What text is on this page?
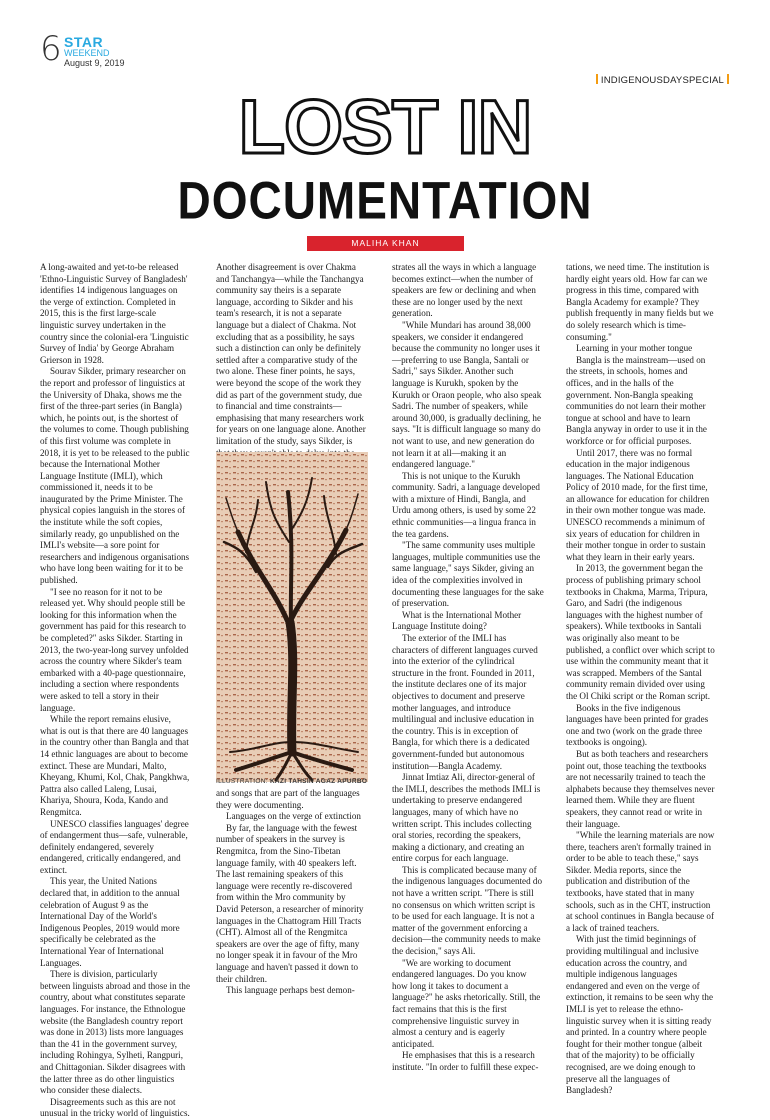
6 STAR
WEEKEND
August 9, 2019
INDIGENOUSDAYSPECIAL
LOST IN
DOCUMENTATION
MALIHA KHAN

A long-awaited and yet-to-be released 'Ethno-Linguistic Survey of Bangladesh' identifies 14 indigenous languages on the verge of extinction. Completed in 2015, this is the first large-scale linguistic survey undertaken in the country since the colonial-era 'Linguistic Survey of India' by George Abraham Grierson in 1928.

Sourav Sikder, primary researcher on the report and professor of linguistics at the University of Dhaka, shows me the first of the three-part series (in Bangla) which, he points out, is the shortest of the volumes to come. Though publishing of this first volume was complete in 2018, it is yet to be released to the public because the International Mother Language Institute (IMLI), which commissioned it, needs it to be inaugurated by the Prime Minister. The physical copies languish in the stores of the institute while the soft copies, similarly ready, go unpublished on the IMLI's website—a sore point for researchers and indigenous organisations who have long been waiting for it to be published.

"I see no reason for it not to be released yet. Why should people still be looking for this information when the government has paid for this research to be completed?" asks Sikder. Starting in 2013, the two-year-long survey unfolded across the country where Sikder's team embarked with a 40-page questionnaire, including a section where respondents were asked to tell a story in their language.

While the report remains elusive, what is out is that there are 40 languages in the country other than Bangla and that 14 ethnic languages are about to become extinct. These are Mundari, Malto, Kheyang, Khumi, Kol, Chak, Pangkhwa, Pattra also called Laleng, Lusai, Khariya, Shoura, Koda, Kando and Rengmitca.

UNESCO classifies languages' degree of endangerment thus—safe, vulnerable, definitely endangered, severely endangered, critically endangered, and extinct.

This year, the United Nations declared that, in addition to the annual celebration of August 9 as the International Day of the World's Indigenous Peoples, 2019 would more specifically be celebrated as the International Year of International Languages.

There is division, particularly between linguists abroad and those in the country, about what constitutes separate languages. For instance, the Ethnologue website (the Bangladesh country report was done in 2013) lists more languages than the 41 in the government survey, including Rohingya, Sylheti, Rangpuri, and Chittagonian. Sikder disagrees with the latter three as do other linguistics who consider these dialects.

Disagreements such as this are not unusual in the tricky world of linguistics.

Another disagreement is over Chakma and Tanchangya—while the Tanchangya community say theirs is a separate language, according to Sikder and his team's research, it is not a separate language but a dialect of Chakma. Not excluding that as a possibility, he says such a distinction can only be definitely settled after a comparative study of the two alone. These finer points, he says, were beyond the scope of the work they did as part of the government study, due to financial and time constraints—emphasising that many researchers work for years on one language alone. Another limitation of the study, says Sikder, is

and songs that are part of the languages they were documenting.

Languages on the verge of extinction

By far, the language with the fewest number of speakers in the survey is Rengmitca, from the Sino-Tibetan language family, with 40 speakers left. The last remaining speakers of this language were recently re-discovered from within the Mro community by David Peterson, a researcher of minority languages in the Chattogram Hill Tracts (CHT). Almost all of the Rengmitca speakers are over the age of fifty, many no longer speak it in favour of the Mro language and haven't passed it down to their children.

This language perhaps best demon-

ILLUSTRATION: KAZI TAHSIN AGAZ APURBO

strates all the ways in which a language becomes extinct—when the number of speakers are few or declining and when these are no longer used by the next generation.

"While Mundari has around 38,000 speakers, we consider it endangered because the community no longer uses it—preferring to use Bangla, Santali or Sadri," says Sikder. Another such language is Kurukh, spoken by the Kurukh or Oraon people, who also speak Sadri. The number of speakers, while around 30,000, is gradually declining, he says. "It is difficult language so many do not want to use, and new generation do not learn it at all—making it an endangered language."

This is not unique to the Kurukh community. Sadri, a language developed with a mixture of Hindi, Bangla, and Urdu among others, is used by some 22 ethnic communities—a lingua franca in the tea gardens.

"The same community uses multiple languages, multiple communities use the same language," says Sikder, giving an idea of the complexities involved in documenting these languages for the sake of preservation.

What is the International Mother Language Institute doing?

The exterior of the IMLI has characters of different languages curved into the exterior of the cylindrical structure in the front. Founded in 2011, the institute declares one of its major objectives to document and preserve mother languages, and introduce multilingual and inclusive education in the country. This is in exception of Bangla, for which there is a dedicated government-funded but autonomous institution—Bangla Academy.

Jinnat Imtiaz Ali, director-general of the IMLI, describes the methods IMLI is undertaking to preserve endangered languages, many of which have no written script. This includes collecting oral stories, recording the speakers, making a dictionary, and creating an entire corpus for each language.

This is complicated because many of the indigenous languages documented do not have a written script. "There is still no consensus on which written script is to be used for each language. It is not a matter of the government enforcing a decision—the community needs to make the decision," says Ali.

"We are working to document endangered languages. Do you know how long it takes to document a language?" he asks rhetorically. Still, the fact remains that this is the first comprehensive linguistic survey in almost a century and is eagerly anticipated.

He emphasises that this is a research institute. "In order to fulfill these expec-

tations, we need time. The institution is hardly eight years old. How far can we progress in this time, compared with Bangla Academy for example? They publish frequently in many fields but we do solely research which is time-consuming."

Learning in your mother tongue

Bangla is the mainstream—used on the streets, in schools, homes and offices, and in the halls of the government. Non-Bangla speaking communities do not learn their mother tongue at school and have to learn Bangla anyway in order to use it in the workforce or for official purposes.

Until 2017, there was no formal education in the major indigenous languages. The National Education Policy of 2010 made, for the first time, an allowance for education for children in their own mother tongue was made. UNESCO recommends a minimum of six years of education for children in their mother tongue in order to sustain what they learn in their early years.

In 2013, the government began the process of publishing primary school textbooks in Chakma, Marma, Tripura, Garo, and Sadri (the indigenous languages with the highest number of speakers). While textbooks in Santali was originally also meant to be published, a conflict over which script to use within the community meant that it was scrapped. Members of the Santal community remain divided over using the Ol Chiki script or the Roman script.

Books in the five indigenous languages have been printed for grades one and two (work on the grade three textbooks is ongoing).

But as both teachers and researchers point out, those teaching the textbooks are not necessarily trained to teach the alphabets because they themselves never learned them. While they are fluent speakers, they cannot read or write in their language.

"While the learning materials are now there, teachers aren't formally trained in order to be able to teach these," says Sikder. Media reports, since the publication and distribution of the textbooks, have stated that in many schools, such as in the CHT, instruction at school continues in Bangla because of a lack of trained teachers.

With just the timid beginnings of providing multilingual and inclusive education across the country, and multiple indigenous languages endangered and even on the verge of extinction, it remains to be seen why the IMLI is yet to release the ethno-linguistic survey when it is sitting ready and printed. In a country where people fought for their mother tongue (albeit that of the majority) to be officially recognised, are we doing enough to preserve all the languages of Bangladesh?
